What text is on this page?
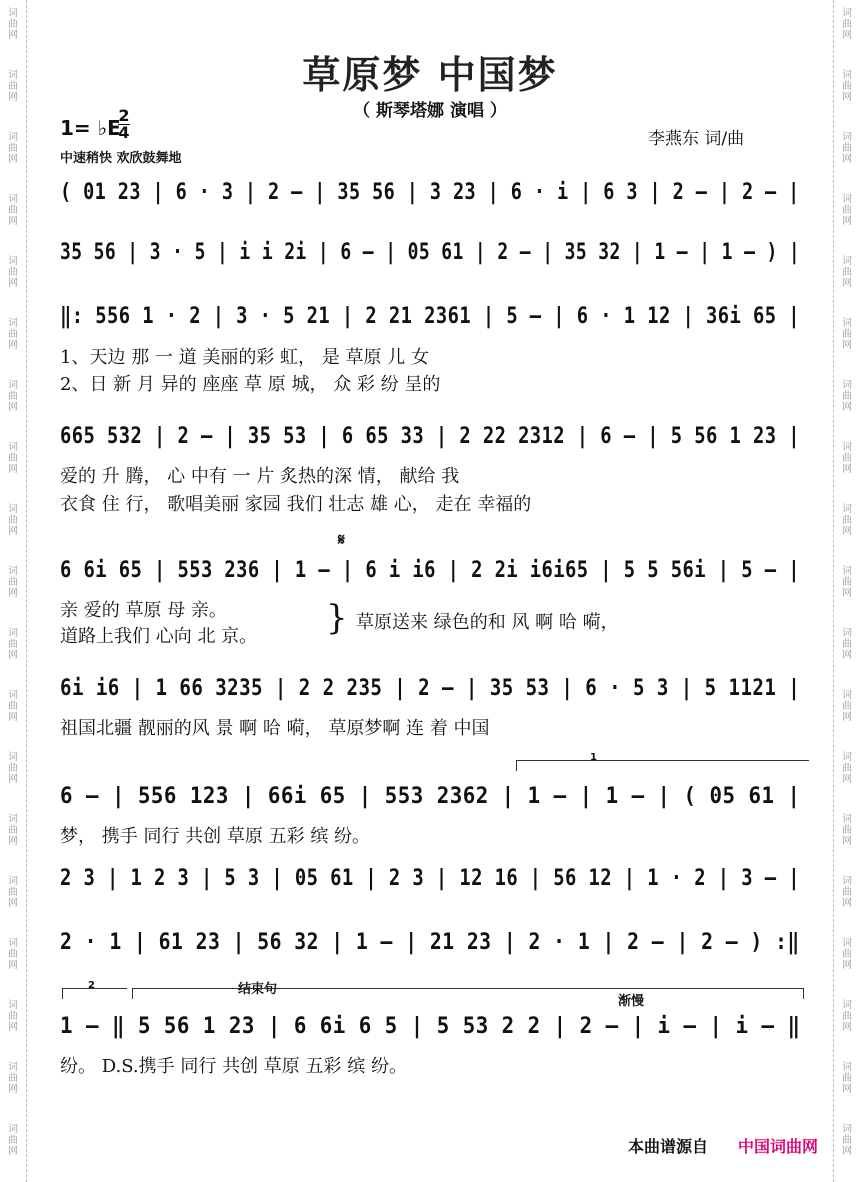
词
曲
网
词
曲
网
词
曲
网
词
曲
网
词
曲
网
词
曲
网
词
曲
网
词
曲
网
词
曲
网
词
曲
网
词
曲
网
词
曲
网
词
曲
网
词
曲
网
词
曲
网
词
曲
网
词
曲
网
词
曲
网
词
曲
网
词
曲
网
词
曲
网
词
曲
网
词
曲
网
词
曲
网
词
曲
网
词
曲
网
词
曲
网
词
曲
网
词
曲
网
词
曲
网
词
曲
网
词
曲
网
词
曲
网
词
曲
网
词
曲
网
词
曲
网
词
曲
网
词
曲
网
草原梦 中国梦
（ 斯琴塔娜 演唱 ）
1= ♭E
2
4
中速稍快 欢欣鼓舞地
李燕东 词/曲
( 01 23 | 6 · 3 | 2 – | 35 56 | 3 23 | 6 · i | 6 3 | 2 – | 2 – |
35 56 | 3 · 5 | i i 2i | 6 – | 05 61 | 2 – | 35 32 | 1 – | 1 – ) |
‖: 556 1 · 2 | 3 · 5 21 | 2 21 2361 | 5 – | 6 · 1 12 | 36i 65 |
1、天边 那 一 道 美丽的彩 虹， 是 草原 儿 女
2、日 新 月 异的 座座 草 原 城， 众 彩 纷 呈的
665 532 | 2 – | 35 53 | 6 65 33 | 2 22 2312 | 6 – | 5 56 1 23 |
爱的 升 腾， 心 中有 一 片 炙热的深 情， 献给 我
衣食 住 行， 歌唱美丽 家园 我们 壮志 雄 心， 走在 幸福的
𝄋
6 6i 65 | 553 236 | 1 – | 6 i i6 | 2 2i i6i65 | 5 5 56i | 5 – |
亲 爱的 草原 母 亲。
道路上我们 心向 北 京。 } 草原送来 绿色的和 风 啊 哈 嗬，
6i i6 | 1 66 3235 | 2 2 235 | 2 – | 35 53 | 6 · 5 3 | 5 1121 |
祖国北疆 靓丽的风 景 啊 哈 嗬， 草原梦啊 连 着 中国
1
6 – | 556 123 | 66i 65 | 553 2362 | 1 – | 1 – | ( 05 61 |
梦， 携手 同行 共创 草原 五彩 缤 纷。
2 3 | 1 2 3 | 5 3 | 05 61 | 2 3 | 12 16 | 56 12 | 1 · 2 | 3 – |
2 · 1 | 61 23 | 56 32 | 1 – | 21 23 | 2 · 1 | 2 – | 2 – ) :‖
2	结束句
渐慢
1 – ‖ 5 56 1 23 | 6 6i 6 5 | 5 53 2 2 | 2 – | i – | i – ‖
纷。 D.S.携手 同行 共创 草原 五彩 缤 纷。
本曲谱源自 中国词曲网
